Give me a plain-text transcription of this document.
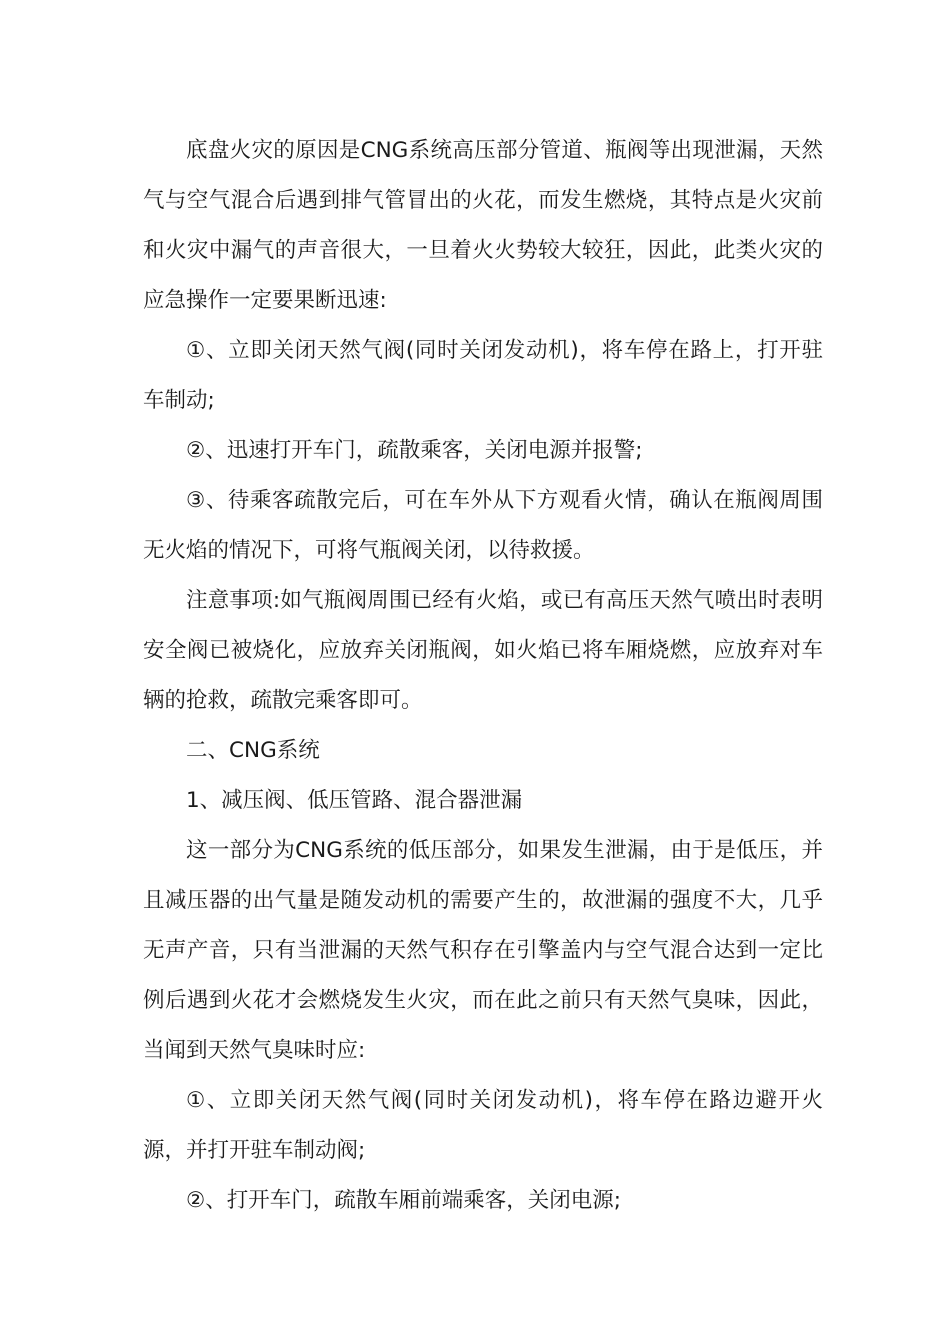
底盘火灾的原因是CNG系统高压部分管道、瓶阀等出现泄漏，天然气与空气混合后遇到排气管冒出的火花，而发生燃烧，其特点是火灾前和火灾中漏气的声音很大，一旦着火火势较大较狂，因此，此类火灾的应急操作一定要果断迅速:

①、立即关闭天然气阀(同时关闭发动机)，将车停在路上，打开驻车制动;

②、迅速打开车门，疏散乘客，关闭电源并报警;

③、待乘客疏散完后，可在车外从下方观看火情，确认在瓶阀周围无火焰的情况下，可将气瓶阀关闭，以待救援。

注意事项:如气瓶阀周围已经有火焰，或已有高压天然气喷出时表明安全阀已被烧化，应放弃关闭瓶阀，如火焰已将车厢烧燃，应放弃对车辆的抢救，疏散完乘客即可。

二、CNG系统

1、减压阀、低压管路、混合器泄漏

这一部分为CNG系统的低压部分，如果发生泄漏，由于是低压，并且减压器的出气量是随发动机的需要产生的，故泄漏的强度不大，几乎无声产音，只有当泄漏的天然气积存在引擎盖内与空气混合达到一定比例后遇到火花才会燃烧发生火灾，而在此之前只有天然气臭味，因此，当闻到天然气臭味时应:

①、立即关闭天然气阀(同时关闭发动机)，将车停在路边避开火源，并打开驻车制动阀;

②、打开车门，疏散车厢前端乘客，关闭电源;
